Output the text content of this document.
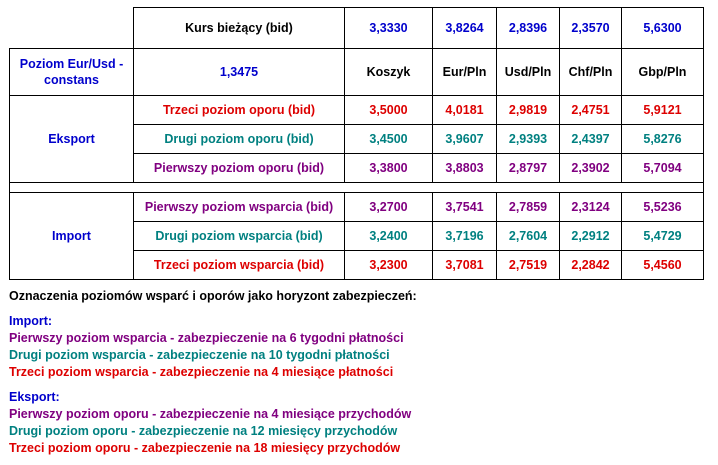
	Kurs bieżący (bid)	3,3330	3,8264	2,8396	2,3570	5,6300
Poziom Eur/Usd - constans	1,3475	Koszyk	Eur/Pln	Usd/Pln	Chf/Pln	Gbp/Pln
Eksport	Trzeci poziom oporu (bid)	3,5000	4,0181	2,9819	2,4751	5,9121
	Drugi poziom oporu (bid)	3,4500	3,9607	2,9393	2,4397	5,8276
	Pierwszy poziom oporu (bid)	3,3800	3,8803	2,8797	2,3902	5,7094

Import	Pierwszy poziom wsparcia (bid)	3,2700	3,7541	2,7859	2,3124	5,5236
	Drugi poziom wsparcia (bid)	3,2400	3,7196	2,7604	2,2912	5,4729
	Trzeci poziom wsparcia (bid)	3,2300	3,7081	2,7519	2,2842	5,4560
Oznaczenia poziomów wsparć i oporów jako horyzont zabezpieczeń:
Import:
Pierwszy poziom wsparcia - zabezpieczenie na 6 tygodni płatności
Drugi poziom wsparcia - zabezpieczenie na 10 tygodni płatności
Trzeci poziom wsparcia - zabezpieczenie na 4 miesiące płatności
Eksport:
Pierwszy poziom oporu - zabezpieczenie na 4 miesiące przychodów
Drugi poziom oporu - zabezpieczenie na 12 miesięcy przychodów
Trzeci poziom oporu - zabezpieczenie na 18 miesięcy przychodów
